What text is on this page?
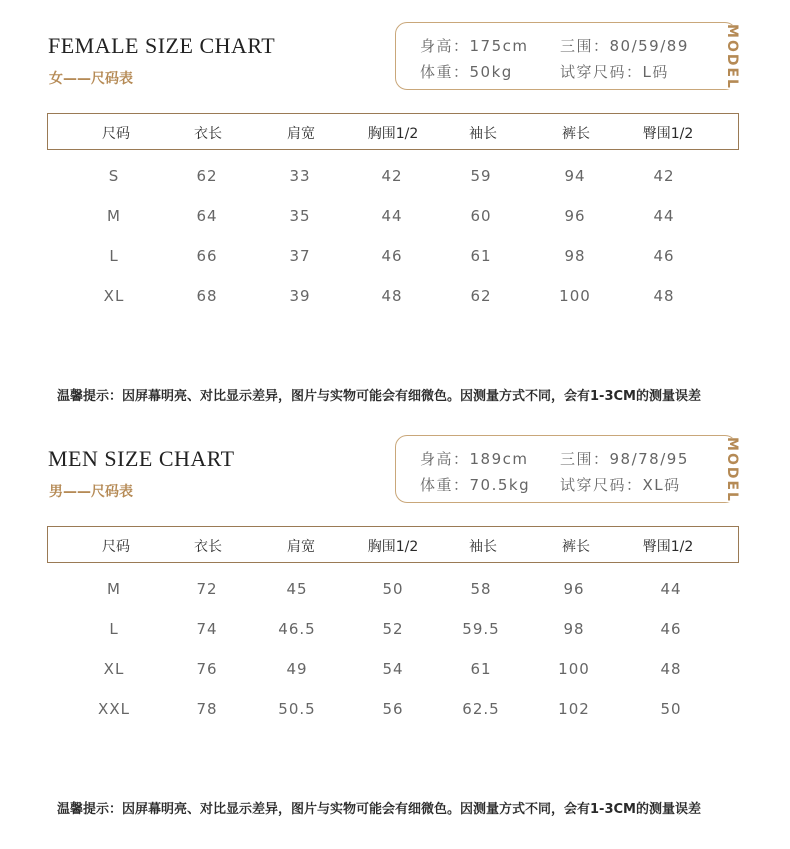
FEMALE SIZE CHART
女——尺码表
身高：175cm 三围：80/59/89
体重：50kg	试穿尺码：L码	MODEL
尺码	衣长	肩宽	胸围1/2	袖长	裤长	臀围1/2
S	62	33	42	59	94	42
M	64	35	44	60	96	44
L	66	37	46	61	98	46
XL	68	39	48	62	100	48
温馨提示：因屏幕明亮、对比显示差异，图片与实物可能会有细微色。因测量方式不同，会有1-3CM的测量误差
MEN SIZE CHART
男——尺码表
身高：189cm 三围：98/78/95
体重：70.5kg 试穿尺码：XL码	MODEL
尺码	衣长	肩宽	胸围1/2	袖长	裤长	臀围1/2
M	72	45	50	58	96	44
L	74	46.5	52	59.5	98	46
XL	76	49	54	61	100	48
XXL	78	50.5	56	62.5	102	50
温馨提示：因屏幕明亮、对比显示差异，图片与实物可能会有细微色。因测量方式不同，会有1-3CM的测量误差
